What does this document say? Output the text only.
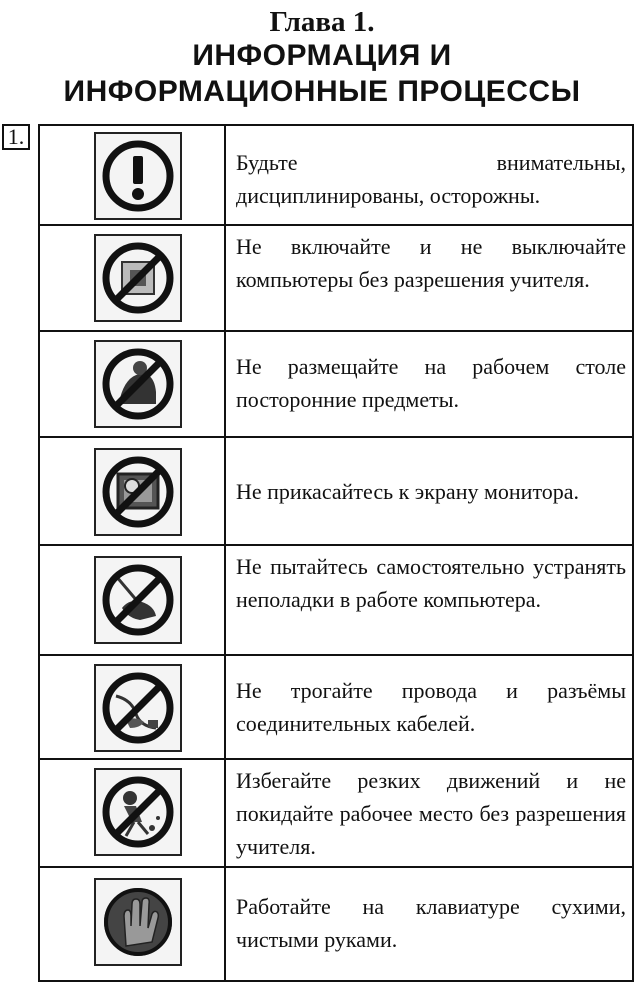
Глава 1.
ИНФОРМАЦИЯ И
ИНФОРМАЦИОННЫЕ ПРОЦЕССЫ
1.
Будьте внимательны, дисциплинированы, осторожны.
Не включайте и не выключайте компьютеры без разрешения учителя.
Не размещайте на рабочем столе посторонние предметы.
Не прикасайтесь к экрану монитора.
Не пытайтесь самостоятельно устранять неполадки в работе компьютера.
Не трогайте провода и разъёмы соединительных кабелей.
Избегайте резких движений и не покидайте рабочее место без разрешения учителя.
Работайте на клавиатуре сухими, чистыми руками.
